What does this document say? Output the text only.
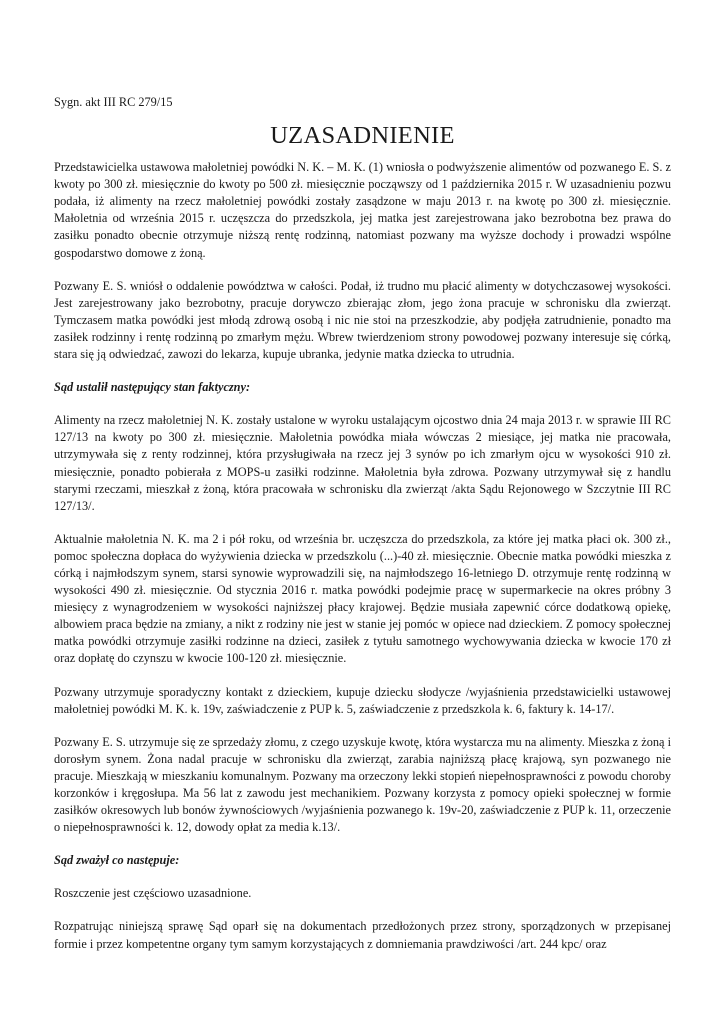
Sygn. akt III RC 279/15
UZASADNIENIE

Przedstawicielka ustawowa małoletniej powódki N. K. – M. K. (1) wniosła o podwyższenie alimentów od pozwanego E. S. z kwoty po 300 zł. miesięcznie do kwoty po 500 zł. miesięcznie począwszy od 1 października 2015 r. W uzasadnieniu pozwu podała, iż alimenty na rzecz małoletniej powódki zostały zasądzone w maju 2013 r. na kwotę po 300 zł. miesięcznie. Małoletnia od września 2015 r. uczęszcza do przedszkola, jej matka jest zarejestrowana jako bezrobotna bez prawa do zasiłku ponadto obecnie otrzymuje niższą rentę rodzinną, natomiast pozwany ma wyższe dochody i prowadzi wspólne gospodarstwo domowe z żoną.

Pozwany E. S. wniósł o oddalenie powództwa w całości. Podał, iż trudno mu płacić alimenty w dotychczasowej wysokości. Jest zarejestrowany jako bezrobotny, pracuje dorywczo zbierając złom, jego żona pracuje w schronisku dla zwierząt. Tymczasem matka powódki jest młodą zdrową osobą i nic nie stoi na przeszkodzie, aby podjęła zatrudnienie, ponadto ma zasiłek rodzinny i rentę rodzinną po zmarłym mężu. Wbrew twierdzeniom strony powodowej pozwany interesuje się córką, stara się ją odwiedzać, zawozi do lekarza, kupuje ubranka, jedynie matka dziecka to utrudnia.

Sąd ustalił następujący stan faktyczny:

Alimenty na rzecz małoletniej N. K. zostały ustalone w wyroku ustalającym ojcostwo dnia 24 maja 2013 r. w sprawie III RC 127/13 na kwoty po 300 zł. miesięcznie. Małoletnia powódka miała wówczas 2 miesiące, jej matka nie pracowała, utrzymywała się z renty rodzinnej, która przysługiwała na rzecz jej 3 synów po ich zmarłym ojcu w wysokości 910 zł. miesięcznie, ponadto pobierała z MOPS-u zasiłki rodzinne. Małoletnia była zdrowa. Pozwany utrzymywał się z handlu starymi rzeczami, mieszkał z żoną, która pracowała w schronisku dla zwierząt /akta Sądu Rejonowego w Szczytnie III RC 127/13/.

Aktualnie małoletnia N. K. ma 2 i pół roku, od września br. uczęszcza do przedszkola, za które jej matka płaci ok. 300 zł., pomoc społeczna dopłaca do wyżywienia dziecka w przedszkolu (...)-40 zł. miesięcznie. Obecnie matka powódki mieszka z córką i najmłodszym synem, starsi synowie wyprowadzili się, na najmłodszego 16-letniego D. otrzymuje rentę rodzinną w wysokości 490 zł. miesięcznie. Od stycznia 2016 r. matka powódki podejmie pracę w supermarkecie na okres próbny 3 miesięcy z wynagrodzeniem w wysokości najniższej płacy krajowej. Będzie musiała zapewnić córce dodatkową opiekę, albowiem praca będzie na zmiany, a nikt z rodziny nie jest w stanie jej pomóc w opiece nad dzieckiem. Z pomocy społecznej matka powódki otrzymuje zasiłki rodzinne na dzieci, zasiłek z tytułu samotnego wychowywania dziecka w kwocie 170 zł oraz dopłatę do czynszu w kwocie 100-120 zł. miesięcznie.

Pozwany utrzymuje sporadyczny kontakt z dzieckiem, kupuje dziecku słodycze /wyjaśnienia przedstawicielki ustawowej małoletniej powódki M. K. k. 19v, zaświadczenie z PUP k. 5, zaświadczenie z przedszkola k. 6, faktury k. 14-17/.

Pozwany E. S. utrzymuje się ze sprzedaży złomu, z czego uzyskuje kwotę, która wystarcza mu na alimenty. Mieszka z żoną i dorosłym synem. Żona nadal pracuje w schronisku dla zwierząt, zarabia najniższą płacę krajową, syn pozwanego nie pracuje. Mieszkają w mieszkaniu komunalnym. Pozwany ma orzeczony lekki stopień niepełnosprawności z powodu choroby korzonków i kręgosłupa. Ma 56 lat z zawodu jest mechanikiem. Pozwany korzysta z pomocy opieki społecznej w formie zasiłków okresowych lub bonów żywnościowych /wyjaśnienia pozwanego k. 19v-20, zaświadczenie z PUP k. 11, orzeczenie o niepełnosprawności k. 12, dowody opłat za media k.13/.

Sąd zważył co następuje:

Roszczenie jest częściowo uzasadnione.

Rozpatrując niniejszą sprawę Sąd oparł się na dokumentach przedłożonych przez strony, sporządzonych w przepisanej formie i przez kompetentne organy tym samym korzystających z domniemania prawdziwości /art. 244 kpc/ oraz
